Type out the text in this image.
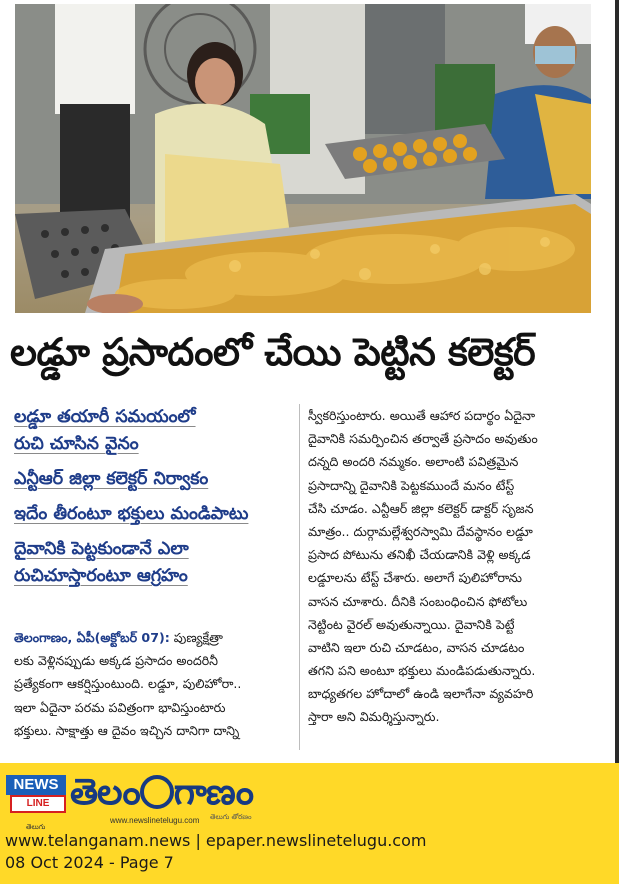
లడ్డూ ప్రసాదంలో చేయి పెట్టిన కలెక్టర్
లడ్డూ తయారీ సమయంలో
రుచి చూసిన వైనం
ఎన్టీఆర్ జిల్లా కలెక్టర్ నిర్వాకం
ఇదేం తీరంటూ భక్తులు మండిపాటు
దైవానికి పెట్టకుండానే ఎలా
రుచిచూస్తారంటూ ఆగ్రహం
తెలంగాణం, ఏపీ(అక్టోబర్ 07): పుణ్యక్షేత్రా
లకు వెళ్లినప్పుడు అక్కడ ప్రసాదం అందరినీ
ప్రత్యేకంగా ఆకర్షిస్తుంటుంది. లడ్డూ, పులిహోరా..
ఇలా ఏదైనా పరమ పవిత్రంగా భావిస్తుంటారు
భక్తులు. సాక్షాత్తు ఆ దైవం ఇచ్చిన దానిగా దాన్ని
స్వీకరిస్తుంటారు. అయితే ఆహార పదార్థం ఏదైనా
దైవానికి సమర్పించిన తర్వాతే ప్రసాదం అవుతుం
దన్నది అందరి నమ్మకం. అలాంటి పవిత్రమైన
ప్రసాదాన్ని దైవానికి పెట్టకముందే మనం టేస్ట్
చేసి చూడం. ఎన్టీఆర్ జిల్లా కలెక్టర్ డాక్టర్ సృజన
మాత్రం.. దుర్గామల్లేశ్వరస్వామి దేవస్థానం లడ్డూ
ప్రసాద పోటును తనిఖీ చేయడానికి వెళ్లి అక్కడ
లడ్డూలను టేస్ట్ చేశారు. అలాగే పులిహోరాను
వాసన చూశారు. దీనికి సంబంధించిన ఫోటోలు
నెట్టింట వైరల్ అవుతున్నాయి. దైవానికి పెట్టే
వాటిని ఇలా రుచి చూడటం, వాసన చూడటం
తగని పని అంటూ భక్తులు మండిపడుతున్నారు.
బాధ్యతగల హోదాలో ఉండి ఇలాగేనా వ్యవహరి
స్తారా అని విమర్శిస్తున్నారు.
NEWS
LINE
తెలుగు
తెలం గాణం
www.newslinetelugu.com తెలుగు తోరణం
www.telanganam.news | epaper.newslinetelugu.com
08 Oct 2024 - Page 7
